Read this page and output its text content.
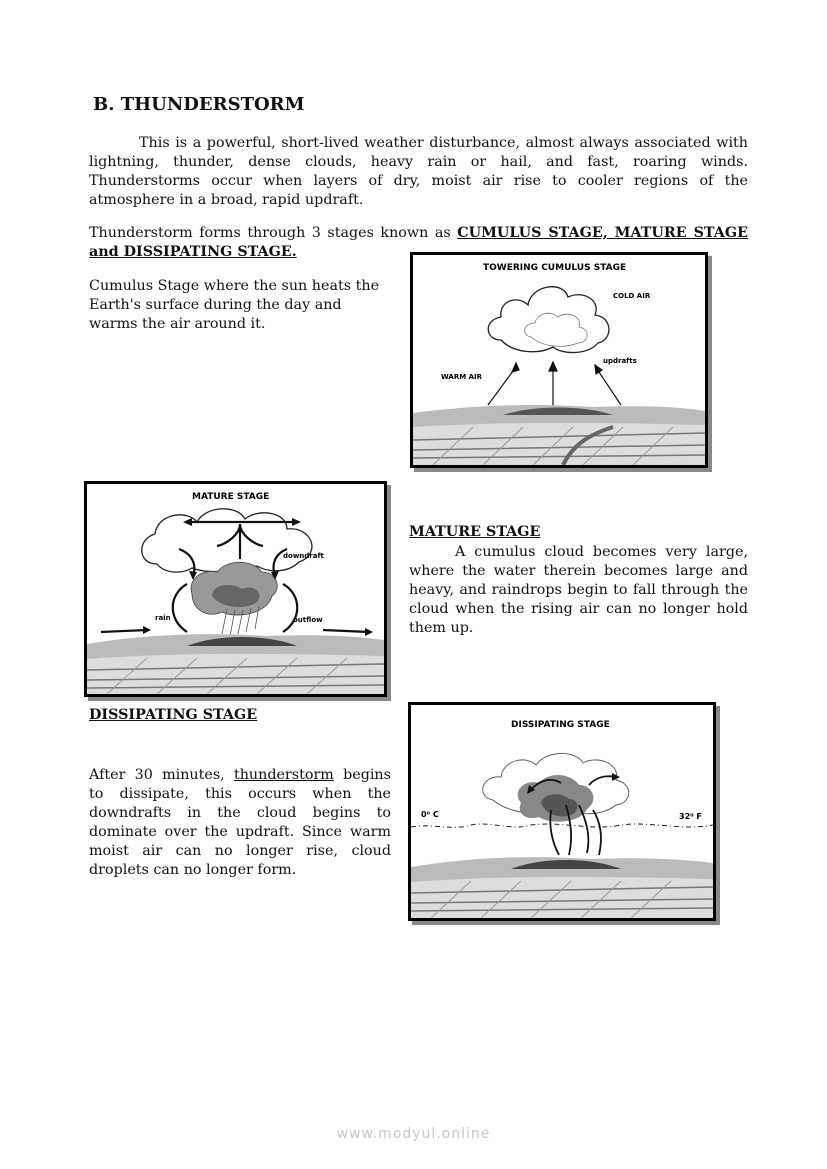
B. THUNDERSTORM
This is a powerful, short-lived weather disturbance, almost always associated with lightning, thunder, dense clouds, heavy rain or hail, and fast, roaring winds. Thunderstorms occur when layers of dry, moist air rise to cooler regions of the atmosphere in a broad, rapid updraft.
Thunderstorm forms through 3 stages known as CUMULUS STAGE, MATURE STAGE and DISSIPATING STAGE.
Cumulus Stage where the sun heats the Earth's surface during the day and warms the air around it.
TOWERING CUMULUS STAGE
COLD AIR
updrafts
WARM AIR
MATURE STAGE
downdraft
rain	outflow
MATURE STAGE
A cumulus cloud becomes very large, where the water therein becomes large and heavy, and raindrops begin to fall through the cloud when the rising air can no longer hold them up.
DISSIPATING STAGE
After 30 minutes, thunderstorm begins to dissipate, this occurs when the downdrafts in the cloud begins to dominate over the updraft. Since warm moist air can no longer rise, cloud droplets can no longer form.
DISSIPATING STAGE
0⁰ C	32⁰ F
www.modyul.online
